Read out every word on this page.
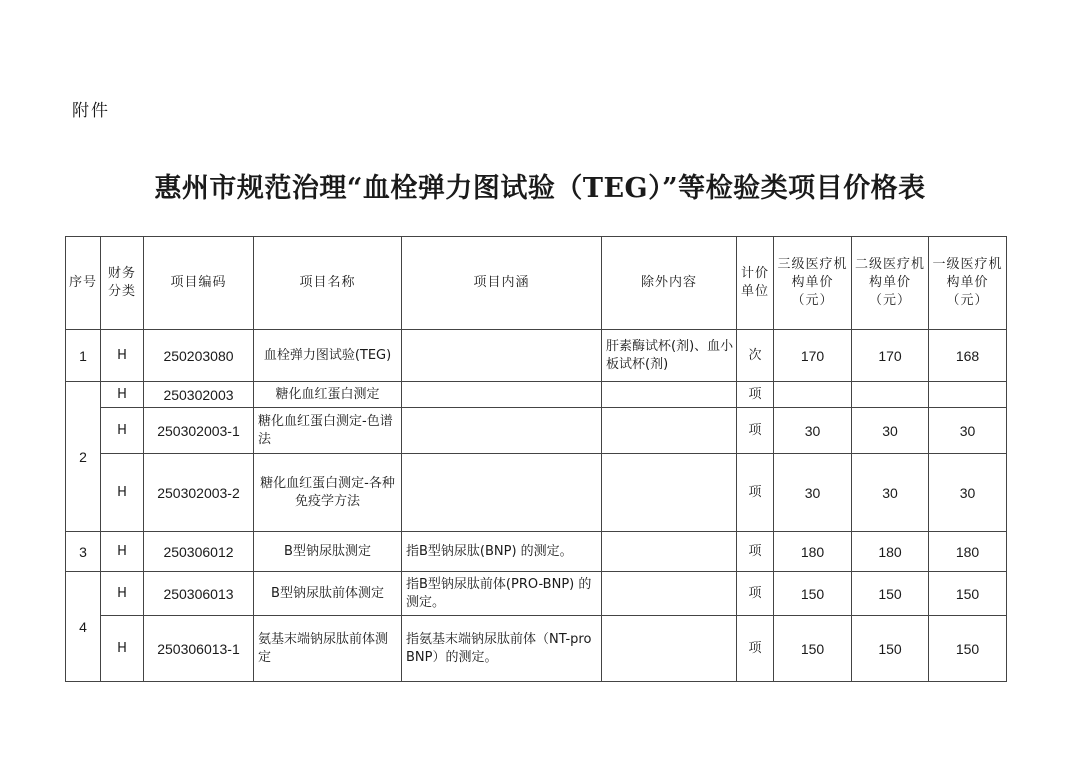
附件
惠州市规范治理“血栓弹力图试验（TEG）”等检验类项目价格表
序号	财务分类	项目编码	项目名称	项目内涵	除外内容	计价单位	三级医疗机构单价（元）	二级医疗机构单价（元）	一级医疗机构单价（元）
1	H	250203080	血栓弹力图试验(TEG)		肝素酶试杯(剂)、血小板试杯(剂)	次	170	170	168
2	H	250302003	糖化血红蛋白测定			项			
	H	250302003-1	糖化血红蛋白测定-色谱法			项	30	30	30
	H	250302003-2	糖化血红蛋白测定-各种免疫学方法			项	30	30	30
3	H	250306012	B型钠尿肽测定	指B型钠尿肽(BNP) 的测定。		项	180	180	180
4	H	250306013	B型钠尿肽前体测定	指B型钠尿肽前体(PRO-BNP) 的测定。		项	150	150	150
	H	250306013-1	氨基末端钠尿肽前体测定	指氨基末端钠尿肽前体（NT-proBNP）的测定。		项	150	150	150
